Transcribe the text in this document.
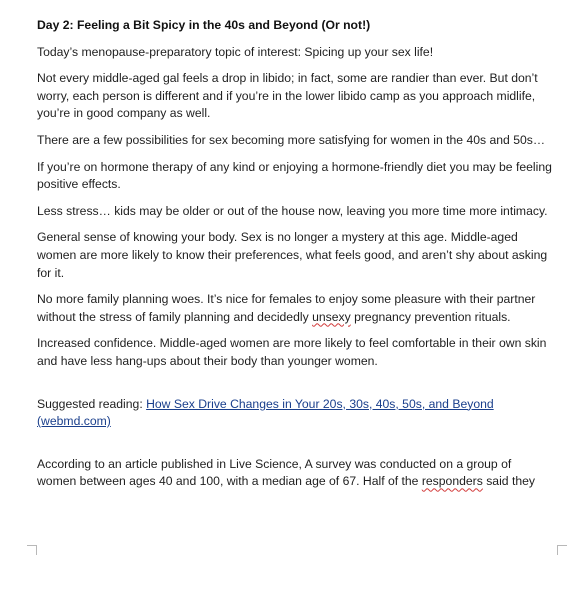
Day 2: Feeling a Bit Spicy in the 40s and Beyond (Or not!)

Today’s menopause-preparatory topic of interest: Spicing up your sex life!

Not every middle-aged gal feels a drop in libido; in fact, some are randier than ever. But don’t worry, each person is different and if you’re in the lower libido camp as you approach midlife, you’re in good company as well.

There are a few possibilities for sex becoming more satisfying for women in the 40s and 50s…

If you’re on hormone therapy of any kind or enjoying a hormone-friendly diet you may be feeling positive effects.

Less stress… kids may be older or out of the house now, leaving you more time more intimacy.

General sense of knowing your body. Sex is no longer a mystery at this age. Middle-aged women are more likely to know their preferences, what feels good, and aren’t shy about asking for it.

No more family planning woes. It’s nice for females to enjoy some pleasure with their partner without the stress of family planning and decidedly unsexy pregnancy prevention rituals.

Increased confidence. Middle-aged women are more likely to feel comfortable in their own skin and have less hang-ups about their body than younger women.

Suggested reading: How Sex Drive Changes in Your 20s, 30s, 40s, 50s, and Beyond (webmd.com)

According to an article published in Live Science, A survey was conducted on a group of women between ages 40 and 100, with a median age of 67. Half of the responders said they
